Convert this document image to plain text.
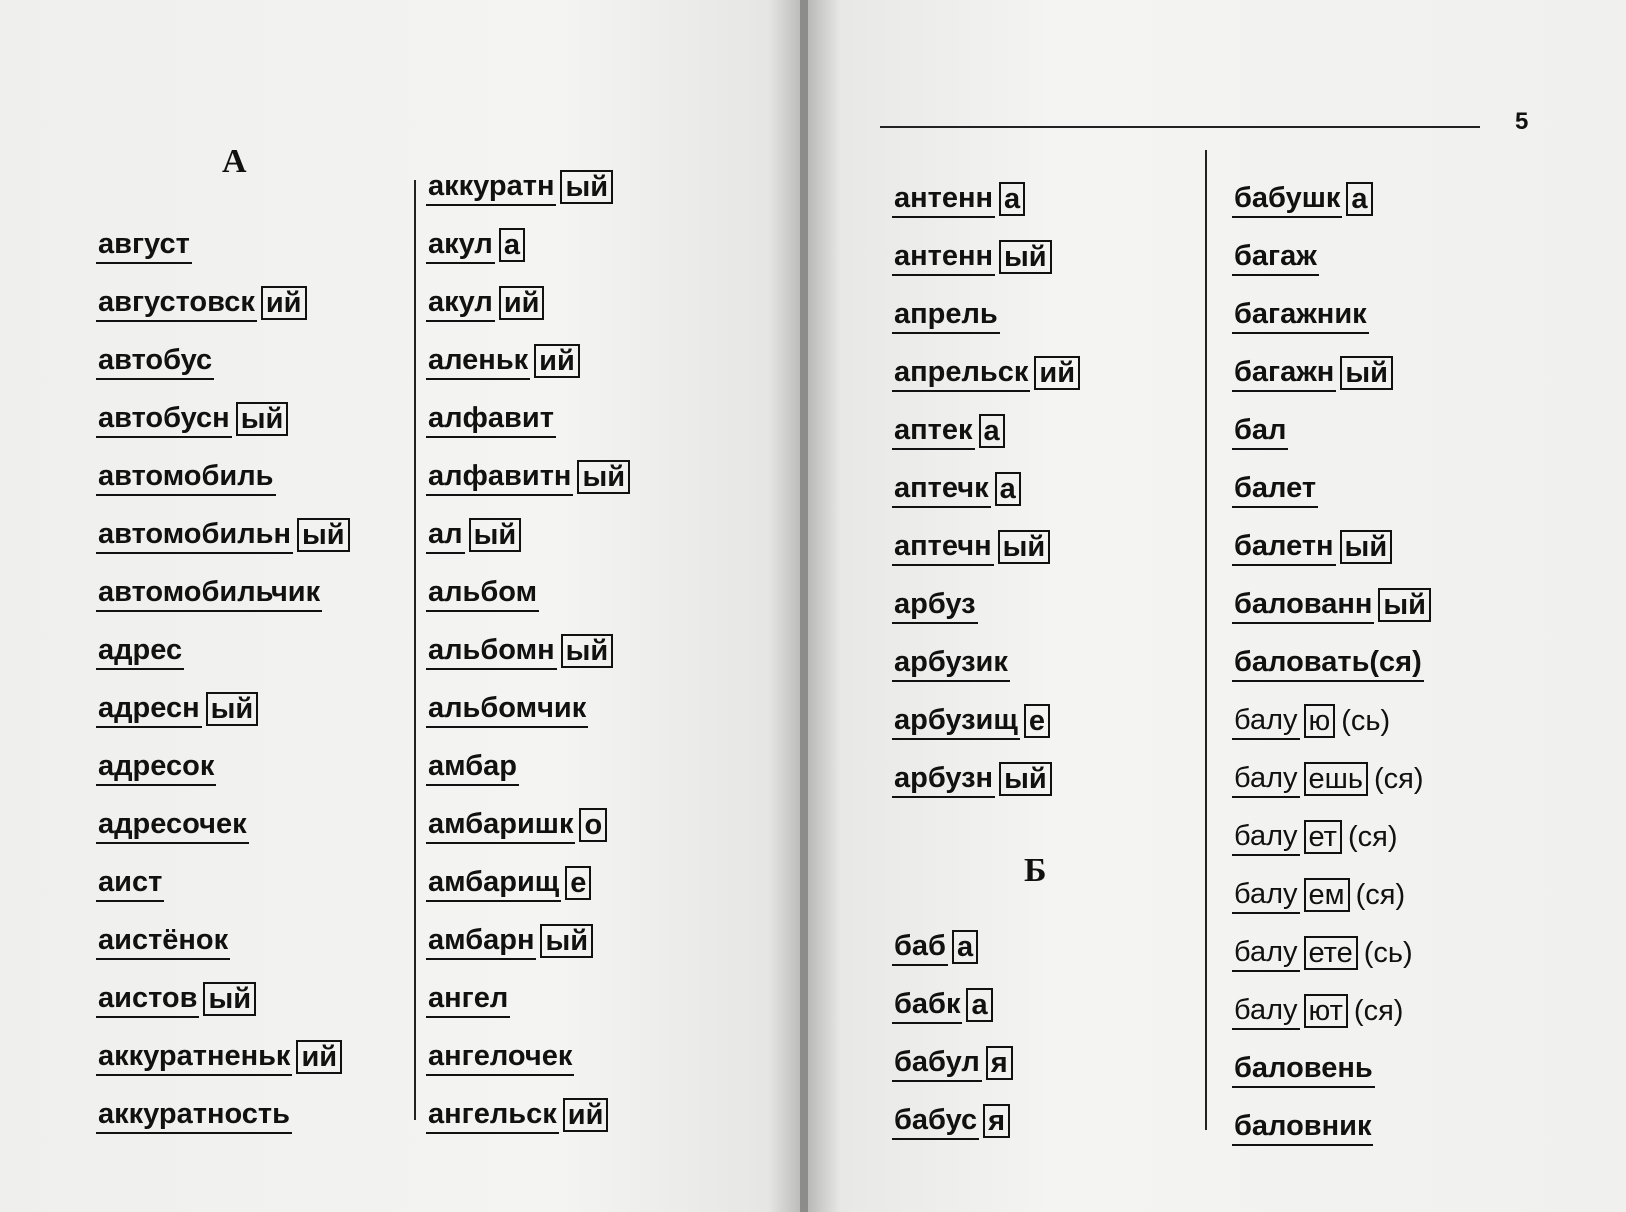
А
август
августовск ий
автобус
автобусн ый
автомобиль
автомобильн ый
автомобильчик
адрес
адресн ый
адресок
адресочек
аист
аистёнок
аистов ый
аккуратненьк ий
аккуратность
аккуратн ый
акул а
акул ий
аленьк ий
алфавит
алфавитн ый
ал ый
альбом
альбомн ый
альбомчик
амбар
амбаришк о
амбарищ е
амбарн ый
ангел
ангелочек
ангельск ий
5
антенн а
антенн ый
апрель
апрельск ий
аптек а
аптечк а
аптечн ый
арбуз
арбузик
арбузищ е
арбузн ый
Б
баб а
бабк а
бабул я
бабус я
бабушк а
багаж
багажник
багажн ый
бал
балет
балетн ый
балованн ый
баловать(ся)
балу ю (сь)
балу ешь (ся)
балу ет (ся)
балу ем (ся)
балу ете (сь)
балу ют (ся)
баловень
баловник
